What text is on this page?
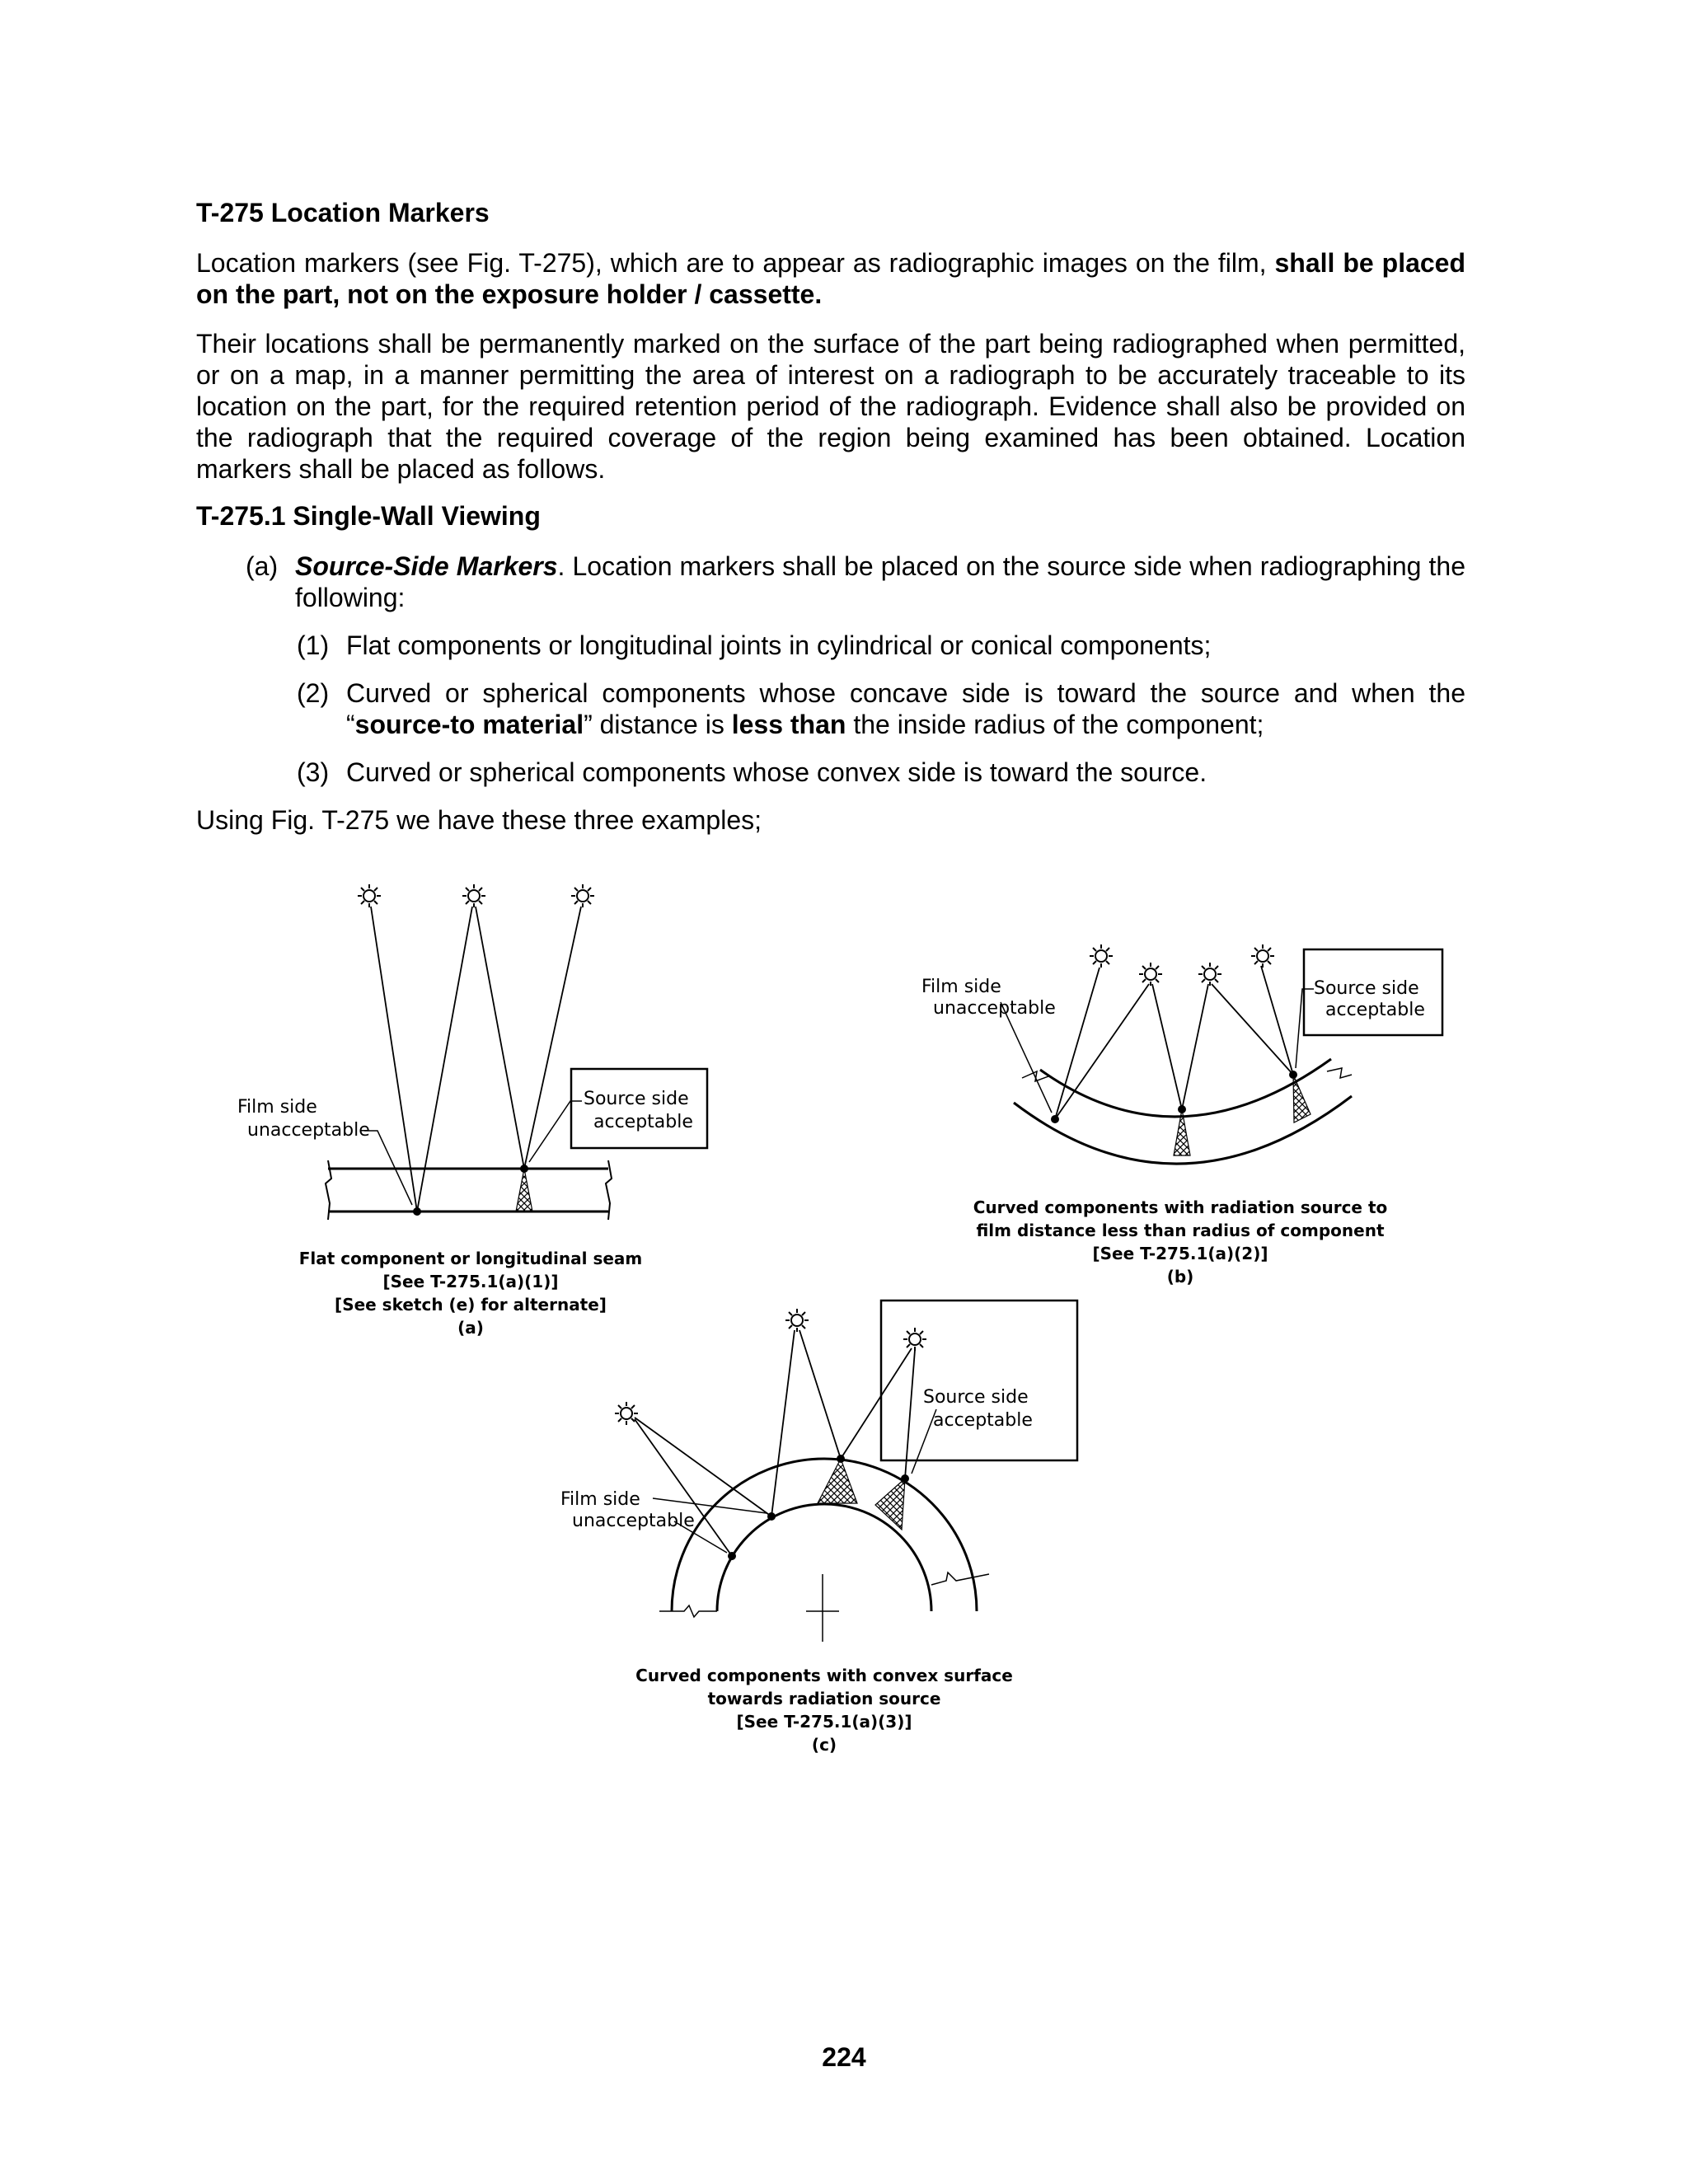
T-275 Location Markers
Location markers (see Fig. T-275), which are to appear as radiographic images on the film, shall be placed on the part, not on the exposure holder / cassette.
Their locations shall be permanently marked on the surface of the part being radiographed when permitted, or on a map, in a manner permitting the area of interest on a radiograph to be accurately traceable to its location on the part, for the required retention period of the radiograph. Evidence shall also be provided on the radiograph that the required coverage of the region being examined has been obtained. Location markers shall be placed as follows.
T-275.1 Single-Wall Viewing
(a) Source-Side Markers. Location markers shall be placed on the source side when radiographing the following:
(1) Flat components or longitudinal joints in cylindrical or conical components;
(2) Curved or spherical components whose concave side is toward the source and when the “source-to material” distance is less than the inside radius of the component;
(3) Curved or spherical components whose convex side is toward the source.
Using Fig. T-275 we have these three examples;
Film side
unacceptable
Source side
acceptable
Flat component or longitudinal seam
[See T-275.1(a)(1)]
[See sketch (e) for alternate]
(a)
Film side
unacceptable
Source side
acceptable
Curved components with radiation source to
film distance less than radius of component
[See T-275.1(a)(2)]
(b)
Film side
unacceptable
Source side
acceptable
Curved components with convex surface
towards radiation source
[See T-275.1(a)(3)]
(c)
224
